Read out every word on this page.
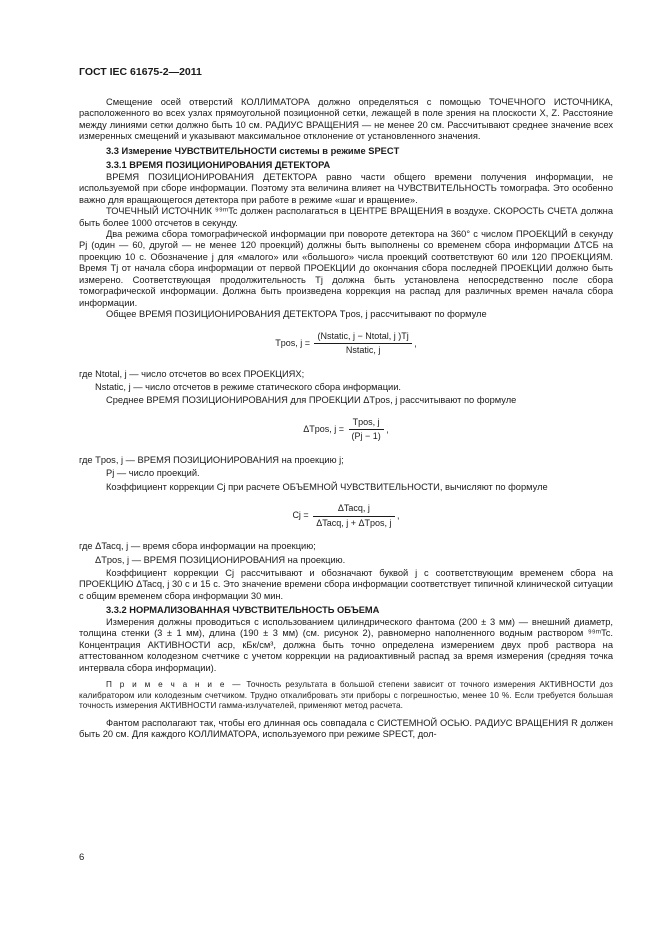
ГОСТ IEC 61675-2—2011

Смещение осей отверстий КОЛЛИМАТОРА должно определяться с помощью ТОЧЕЧНОГО ИСТОЧНИКА, расположенного во всех узлах прямоугольной позиционной сетки, лежащей в поле зрения на плоскости X, Z. Расстояние между линиями сетки должно быть 10 см. РАДИУС ВРАЩЕНИЯ — не менее 20 см. Рассчитывают среднее значение всех измеренных смещений и указывают максимальное отклонение от установленного значения.

3.3 Измерение ЧУВСТВИТЕЛЬНОСТИ системы в режиме SPECT

3.3.1 ВРЕМЯ ПОЗИЦИОНИРОВАНИЯ ДЕТЕКТОРА

ВРЕМЯ ПОЗИЦИОНИРОВАНИЯ ДЕТЕКТОРА равно части общего времени получения информации, не используемой при сборе информации. Поэтому эта величина влияет на ЧУВСТВИТЕЛЬНОСТЬ томографа. Это особенно важно для вращающегося детектора при работе в режиме «шаг и вращение».

ТОЧЕЧНЫЙ ИСТОЧНИК ⁹⁹ᵐTc должен располагаться в ЦЕНТРЕ ВРАЩЕНИЯ в воздухе. СКОРОСТЬ СЧЕТА должна быть более 1000 отсчетов в секунду.

Два режима сбора томографической информации при повороте детектора на 360° с числом ПРОЕКЦИЙ в секунду Pj (один — 60, другой — не менее 120 проекций) должны быть выполнены со временем сбора информации ΔTСБ на проекцию 10 с. Обозначение j для «малого» или «большого» числа проекций соответствуют 60 или 120 ПРОЕКЦИЯМ. Время Tj от начала сбора информации от первой ПРОЕКЦИИ до окончания сбора последней ПРОЕКЦИИ должно быть измерено. Соответствующая продолжительность Tj должна быть установлена непосредственно после сбора томографической информации. Должна быть произведена коррекция на распад для различных времен начала сбора информации.

Общее ВРЕМЯ ПОЗИЦИОНИРОВАНИЯ ДЕТЕКТОРА Tpos, j рассчитывают по формуле

Tpos, $j = \frac{\text{(Nstatic, j − Ntotal, j )Tj}}{\text{Nstatic, j}}$ ,

где Ntotal, j — число отсчетов во всех ПРОЕКЦИЯХ;

Nstatic, j — число отсчетов в режиме статического сбора информации.

Среднее ВРЕМЯ ПОЗИЦИОНИРОВАНИЯ для ПРОЕКЦИИ ΔTpos, j рассчитывают по формуле

ΔTpos, $j = \frac{\text{Tpos, j}}{(Pj - 1)}$ ,

где Tpos, j — ВРЕМЯ ПОЗИЦИОНИРОВАНИЯ на проекцию j;

Pj — число проекций.

Коэффициент коррекции Cj при расчете ОБЪЕМНОЙ ЧУВСТВИТЕЛЬНОСТИ, вычисляют по формуле

$Cj = \frac{\text{ΔTacq, j}}{\text{ΔTacq, j + ΔTpos, j}}$ ,

где ΔTacq, j — время сбора информации на проекцию;

ΔTpos, j — ВРЕМЯ ПОЗИЦИОНИРОВАНИЯ на проекцию.

Коэффициент коррекции Cj рассчитывают и обозначают буквой j с соответствующим временем сбора на ПРОЕКЦИЮ ΔTacq, j 30 с и 15 с. Это значение времени сбора информации соответствует типичной клинической ситуации с общим временем сбора информации 30 мин.

3.3.2 НОРМАЛИЗОВАННАЯ ЧУВСТВИТЕЛЬНОСТЬ ОБЪЕМА

Измерения должны проводиться с использованием цилиндрического фантома (200 ± 3 мм) — внешний диаметр, толщина стенки (3 ± 1 мм), длина (190 ± 3 мм) (см. рисунок 2), равномерно наполненного водным раствором ⁹⁹ᵐTc. Концентрация АКТИВНОСТИ aср, кБк/см³, должна быть точно определена измерением двух проб раствора на аттестованном колодезном счетчике с учетом коррекции на радиоактивный распад за время измерения (средняя точка интервала сбора информации).

П р и м е ч а н и е — Точность результата в большой степени зависит от точного измерения АКТИВНОСТИ доз калибратором или колодезным счетчиком. Трудно откалибровать эти приборы с погрешностью, менее 10 %. Если требуется большая точность измерения АКТИВНОСТИ гамма-излучателей, применяют метод расчета.

Фантом располагают так, чтобы его длинная ось совпадала с СИСТЕМНОЙ ОСЬЮ. РАДИУС ВРАЩЕНИЯ R должен быть 20 см. Для каждого КОЛЛИМАТОРА, используемого при режиме SPECT, дол-

6
